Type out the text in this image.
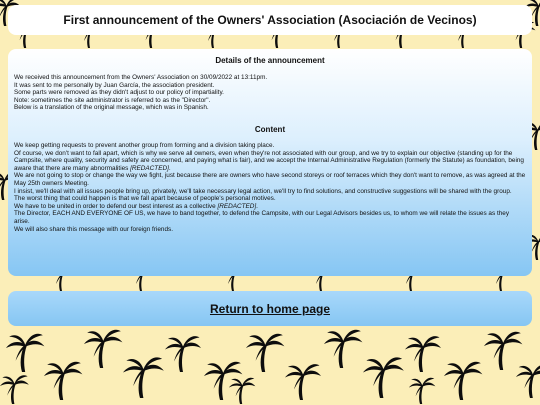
First announcement of the Owners' Association (Asociación de Vecinos)
Details of the announcement

We received this announcement from the Owners' Association on 30/09/2022 at 13:11pm.

It was sent to me personally by Juan García, the association president.

Some parts were removed as they didn't adjust to our policy of impartiality.

Note: sometimes the site administrator is referred to as the "Director".

Below is a translation of the original message, which was in Spanish.

Content

We keep getting requests to prevent another group from forming and a division taking place.

Of course, we don't want to fall apart, which is why we serve all owners, even when they're not associated with our group, and we try to explain our objective (standing up for the Campsite, where quality, security and safety are concerned, and paying what is fair), and we accept the Internal Administrative Regulation (formerly the Statute) as foundation, being aware that there are many abnormalities [REDACTED].

We are not going to stop or change the way we fight, just because there are owners who have second storeys or roof terraces which they don't want to remove, as was agreed at the May 25th owners Meeting.

I insist, we'll deal with all issues people bring up, privately, we'll take necessary legal action, we'll try to find solutions, and constructive suggestions will be shared with the group.

The worst thing that could happen is that we fall apart because of people's personal motives.

We have to be united in order to defend our best interest as a collective [REDACTED].

The Director, EACH AND EVERYONE OF US, we have to band together, to defend the Campsite, with our Legal Advisors besides us, to whom we will relate the issues as they arise.

We will also share this message with our foreign friends.

Return to home page
